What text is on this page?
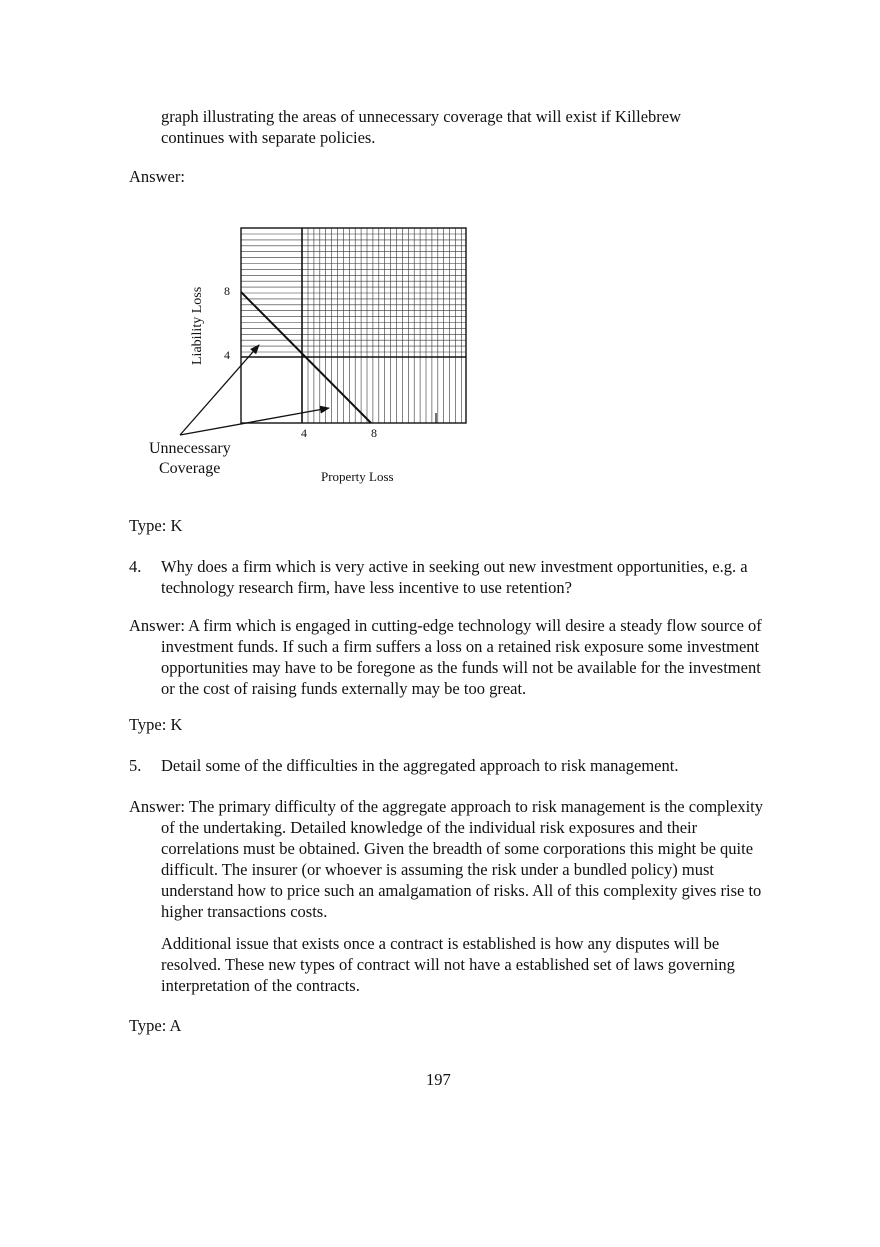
graph illustrating the areas of unnecessary coverage that will exist if Killebrew continues with separate policies.
Answer:
Liability Loss 8
4
4	8
Unnecessary
Coverage	Property Loss
Type: K
4. Why does a firm which is very active in seeking out new investment opportunities, e.g. a technology research firm, have less incentive to use retention?
Answer: A firm which is engaged in cutting-edge technology will desire a steady flow source of investment funds. If such a firm suffers a loss on a retained risk exposure some investment opportunities may have to be foregone as the funds will not be available for the investment or the cost of raising funds externally may be too great.
Type: K
5. Detail some of the difficulties in the aggregated approach to risk management.
Answer: The primary difficulty of the aggregate approach to risk management is the complexity of the undertaking. Detailed knowledge of the individual risk exposures and their correlations must be obtained. Given the breadth of some corporations this might be quite difficult. The insurer (or whoever is assuming the risk under a bundled policy) must understand how to price such an amalgamation of risks. All of this complexity gives rise to higher transactions costs.
Additional issue that exists once a contract is established is how any disputes will be resolved. These new types of contract will not have a established set of laws governing interpretation of the contracts.
Type: A
197
